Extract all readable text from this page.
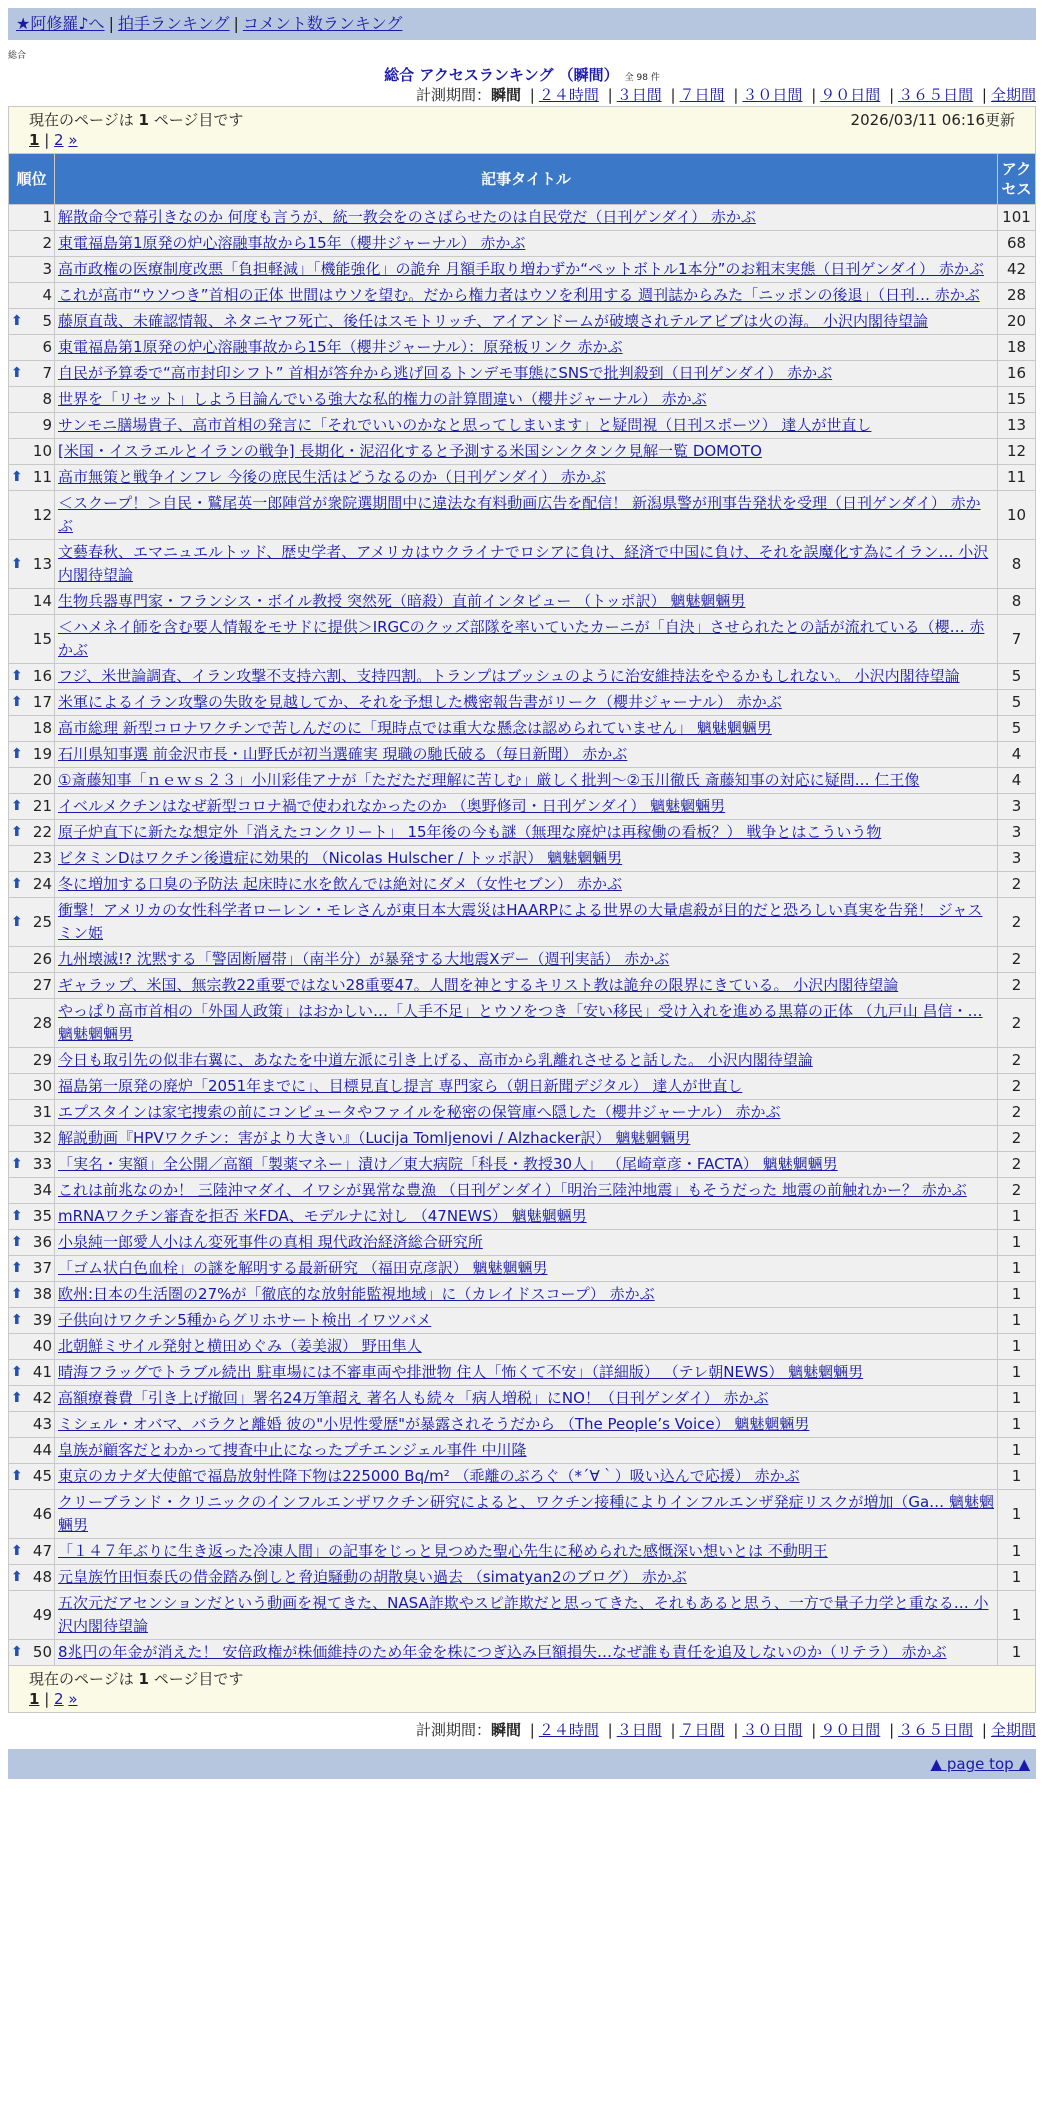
★阿修羅♪へ | 拍手ランキング | コメント数ランキング
総合
総合 アクセスランキング （瞬間） 全 98 件
計測期間：瞬間 | ２４時間 | ３日間 | ７日間 | ３０日間 | ９０日間 | ３６５日間 | 全期間
2026/03/11 06:16更新
現在のページは 1 ページ目です
1 | 2 »		

順位	記事タイトル	アクセス
1	解散命令で幕引きなのか 何度も言うが、統一教会をのさばらせたのは自民党だ（日刊ゲンダイ） 赤かぶ	101
2	東電福島第1原発の炉心溶融事故から15年（櫻井ジャーナル） 赤かぶ	68
3	高市政権の医療制度改悪「負担軽減」「機能強化」の詭弁 月額手取り増わずか“ペットボトル1本分”のお粗末実態（日刊ゲンダイ） 赤かぶ	42
4	これが高市“ウソつき”首相の正体 世間はウソを望む。だから権力者はウソを利用する 週刊誌からみた「ニッポンの後退」（日刊… 赤かぶ	28

⬆ 5	藤原直哉、未確認情報、ネタニヤフ死亡、後任はスモトリッチ、アイアンドームが破壊されテルアビブは火の海。 小沢内閣待望論	20
6	東電福島第1原発の炉心溶融事故から15年（櫻井ジャーナル）：原発板リンク 赤かぶ	18

⬆ 7	自民が予算委で“高市封印シフト” 首相が答弁から逃げ回るトンデモ事態にSNSで批判殺到（日刊ゲンダイ） 赤かぶ	16
8	世界を「リセット」しよう目論んでいる強大な私的権力の計算間違い（櫻井ジャーナル） 赤かぶ	15
9	サンモニ膳場貴子、高市首相の発言に「それでいいのかなと思ってしまいます」と疑問視（日刊スポーツ） 達人が世直し	13
10	[米国・イスラエルとイランの戦争] 長期化・泥沼化すると予測する米国シンクタンク見解一覧 DOMOTO	12

⬆ 11	高市無策と戦争インフレ 今後の庶民生活はどうなるのか（日刊ゲンダイ） 赤かぶ	11
12	＜スクープ！＞自民・鷲尾英一郎陣営が衆院選期間中に違法な有料動画広告を配信！ 新潟県警が刑事告発状を受理（日刊ゲンダイ） 赤かぶ	10

⬆ 13	文藝春秋、エマニュエルトッド、歴史学者、アメリカはウクライナでロシアに負け、経済で中国に負け、それを誤魔化す為にイラン… 小沢内閣待望論	8
14	生物兵器専門家・フランシス・ボイル教授 突然死（暗殺）直前インタビュー （トッポ訳） 魑魅魍魎男	8
15	＜ハメネイ師を含む要人情報をモサドに提供＞IRGCのクッズ部隊を率いていたカーニが「自決」させられたとの話が流れている（櫻… 赤かぶ	7

⬆ 16	フジ、米世論調査、イラン攻撃不支持六割、支持四割。トランプはブッシュのように治安維持法をやるかもしれない。 小沢内閣待望論	5

⬆ 17	米軍によるイラン攻撃の失敗を見越してか、それを予想した機密報告書がリーク（櫻井ジャーナル） 赤かぶ	5
18	高市総理 新型コロナワクチンで苦しんだのに「現時点では重大な懸念は認められていません」 魑魅魍魎男	5

⬆ 19	石川県知事選 前金沢市長・山野氏が初当選確実 現職の馳氏破る（毎日新聞） 赤かぶ	4
20	①斎藤知事「ｎｅｗｓ２３」小川彩佳アナが「ただただ理解に苦しむ」厳しく批判〜②玉川徹氏 斎藤知事の対応に疑問… 仁王像	4

⬆ 21	イベルメクチンはなぜ新型コロナ禍で使われなかったのか （奥野修司・日刊ゲンダイ） 魑魅魍魎男	3

⬆ 22	原子炉直下に新たな想定外「消えたコンクリート」 15年後の今も謎（無理な廃炉は再稼働の看板？） 戦争とはこういう物	3
23	ビタミンDはワクチン後遺症に効果的 （Nicolas Hulscher / トッポ訳） 魑魅魍魎男	3

⬆ 24	冬に増加する口臭の予防法 起床時に水を飲んでは絶対にダメ（女性セブン） 赤かぶ	2

⬆ 25	衝撃！アメリカの女性科学者ローレン・モレさんが東日本大震災はHAARPによる世界の大量虐殺が目的だと恐ろしい真実を告発！ ジャスミン姫	2
26	九州壊滅!? 沈黙する「警固断層帯」（南半分）が暴発する大地震Xデー（週刊実話） 赤かぶ	2
27	ギャラップ、米国、無宗教22重要ではない28重要47。人間を神とするキリスト教は詭弁の限界にきている。 小沢内閣待望論	2
28	やっぱり高市首相の「外国人政策」はおかしい…「人手不足」とウソをつき「安い移民」受け入れを進める黒幕の正体 （九戸山 昌信・… 魑魅魍魎男	2
29	今日も取引先の似非右翼に、あなたを中道左派に引き上げる、高市から乳離れさせると話した。 小沢内閣待望論	2
30	福島第一原発の廃炉「2051年までに」、目標見直し提言 専門家ら（朝日新聞デジタル） 達人が世直し	2
31	エプスタインは家宅捜索の前にコンピュータやファイルを秘密の保管庫へ隠した（櫻井ジャーナル） 赤かぶ	2
32	解説動画『HPVワクチン：害がより大きい』（Lucija Tomljenovi / Alzhacker訳） 魑魅魍魎男	2

⬆ 33	「実名・実額」全公開／高額「製薬マネー」漬け／東大病院「科長・教授30人」 （尾崎章彦・FACTA） 魑魅魍魎男	2
34	これは前兆なのか！ 三陸沖マダイ、イワシが異常な豊漁 （日刊ゲンダイ）「明治三陸沖地震」もそうだった 地震の前触れかー？ 赤かぶ	2

⬆ 35	mRNAワクチン審査を拒否 米FDA、モデルナに対し （47NEWS） 魑魅魍魎男	1

⬆ 36	小泉純一郎愛人小はん変死事件の真相 現代政治経済総合研究所	1

⬆ 37	「ゴム状白色血栓」の謎を解明する最新研究 （福田克彦訳） 魑魅魍魎男	1

⬆ 38	欧州:日本の生活圏の27%が「徹底的な放射能監視地域」に（カレイドスコープ） 赤かぶ	1

⬆ 39	子供向けワクチン5種からグリホサート検出 イワツバメ	1
40	北朝鮮ミサイル発射と横田めぐみ（姜美淑） 野田隼人	1

⬆ 41	晴海フラッグでトラブル続出 駐車場には不審車両や排泄物 住人「怖くて不安」（詳細版） （テレ朝NEWS） 魑魅魍魎男	1

⬆ 42	高額療養費「引き上げ撤回」署名24万筆超え 著名人も続々「病人増税」にNO！（日刊ゲンダイ） 赤かぶ	1
43	ミシェル・オバマ、バラクと離婚 彼の"小児性愛歴"が暴露されそうだから （The People’s Voice） 魑魅魍魎男	1
44	皇族が顧客だとわかって捜査中止になったプチエンジェル事件 中川隆	1

⬆ 45	東京のカナダ大使館で福島放射性降下物は225000 Bq/m² （乖離のぶろぐ（*´∀｀）吸い込んで応援） 赤かぶ	1
46	クリーブランド・クリニックのインフルエンザワクチン研究によると、ワクチン接種によりインフルエンザ発症リスクが増加（Ga… 魑魅魍魎男	1

⬆ 47	「１４７年ぶりに生き返った冷凍人間」の記事をじっと見つめた聖心先生に秘められた感慨深い想いとは 不動明王	1

⬆ 48	元皇族竹田恒泰氏の借金踏み倒しと脅迫騒動の胡散臭い過去 （simatyan2のブログ） 赤かぶ	1
49	五次元だアセンションだという動画を視てきた、NASA詐欺やスピ詐欺だと思ってきた、それもあると思う、一方で量子力学と重なる… 小沢内閣待望論	1

⬆ 50	8兆円の年金が消えた！ 安倍政権が株価維持のため年金を株につぎ込み巨額損失…なぜ誰も責任を追及しないのか（リテラ） 赤かぶ	1
現在のページは 1 ページ目です
1 | 2 »		
計測期間：瞬間 | ２４時間 | ３日間 | ７日間 | ３０日間 | ９０日間 | ３６５日間 | 全期間
▲ page top ▲
